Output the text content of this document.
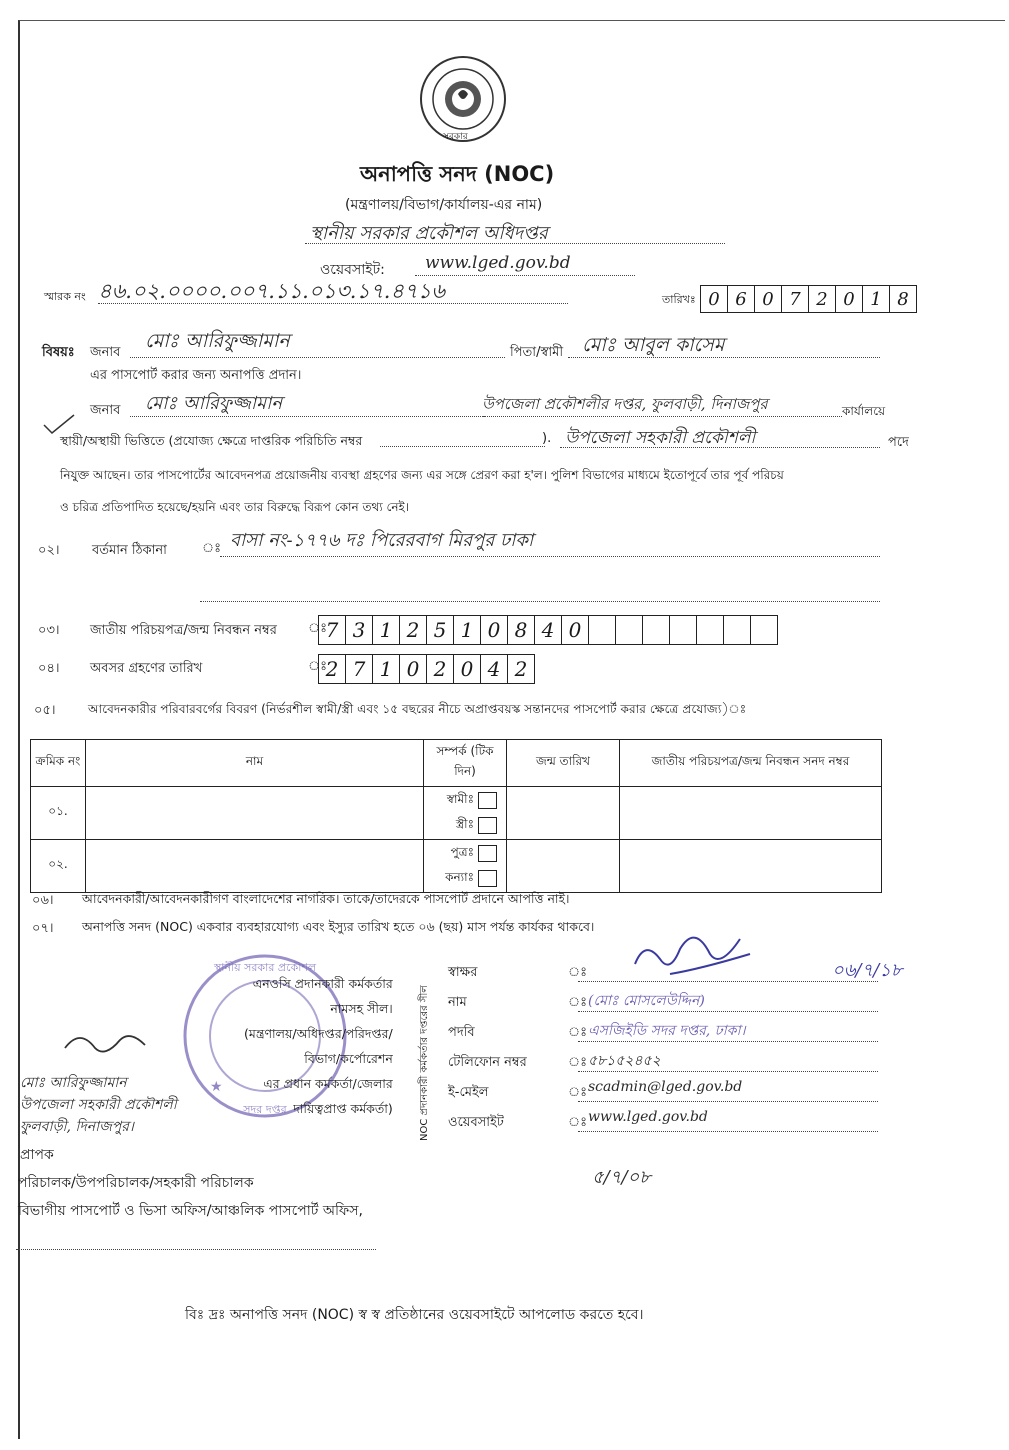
সরকার
অনাপত্তি সনদ (NOC)
(মন্ত্রণালয়/বিভাগ/কার্যালয়-এর নাম)
স্থানীয় সরকার প্রকৌশল অধিদপ্তর
ওয়েবসাইট: www.lged.gov.bd
স্মারক নং ৪৬.০২.০০০০.০০৭.১১.০১৩.১৭.৪৭১৬	তারিখঃ 0 6 0 7 2 0 1 8
বিষয়ঃ জনাব
মোঃ আরিফুজ্জামান
পিতা/স্বামী মোঃ আবুল কাসেম
এর পাসপোর্ট করার জন্য অনাপত্তি প্রদান।
জনাব মোঃ আরিফুজ্জামান	উপজেলা প্রকৌশলীর দপ্তর, ফুলবাড়ী, দিনাজপুর	কার্যালয়ে
স্থায়ী/অস্থায়ী ভিত্তিতে (প্রযোজ্য ক্ষেত্রে দাপ্তরিক পরিচিতি নম্বর	). উপজেলা সহকারী প্রকৌশলী	পদে
নিযুক্ত আছেন। তার পাসপোর্টের আবেদনপত্র প্রয়োজনীয় ব্যবস্থা গ্রহণের জন্য এর সঙ্গে প্রেরণ করা হ'ল। পুলিশ বিভাগের মাধ্যমে ইতোপূর্বে তার পূর্ব পরিচয়
ও চরিত্র প্রতিপাদিত হয়েছে/হয়নি এবং তার বিরুদ্ধে বিরূপ কোন তথ্য নেই।
০২। বর্তমান ঠিকানা	ঃ বাসা নং-১৭৭৬ দঃ পিরেরবাগ মিরপুর ঢাকা
০৩। জাতীয় পরিচয়পত্র/জন্ম নিবন্ধন নম্বর ঃ
7 3 1 2 5 1 0 8 4 0
০৪। অবসর গ্রহণের তারিখ	ঃ
2 7 1 0 2 0 4 2
০৫।	আবেদনকারীর পরিবারবর্গের বিবরণ (নির্ভরশীল স্বামী/স্ত্রী এবং ১৫ বছরের নীচে অপ্রাপ্তবয়স্ক সন্তানদের পাসপোর্ট করার ক্ষেত্রে প্রযোজ্য)ঃ
ক্রমিক নং	নাম	সম্পর্ক (টিক দিন)	জন্ম তারিখ	জাতীয় পরিচয়পত্র/জন্ম নিবন্ধন সনদ নম্বর
০১.		স্বামীঃ
স্ত্রীঃ		

০২.		পুত্রঃ
কন্যাঃ		

০৬। আবেদনকারী/আবেদনকারীগণ বাংলাদেশের নাগরিক। তাকে/তাদেরকে পাসপোর্ট প্রদানে আপত্তি নাই।
০৭। অনাপত্তি সনদ (NOC) একবার ব্যবহারযোগ্য এবং ইস্যুর তারিখ হতে ০৬ (ছয়) মাস পর্যন্ত কার্যকর থাকবে।
স্থানীয় সরকার প্রকৌশল
সদর দপ্তর
★
এনওসি প্রদানকারী কর্মকর্তার
নামসহ সীল।
(মন্ত্রণালয়/অধিদপ্তর/পরিদপ্তর/
বিভাগ/কর্পোরেশন
এর প্রধান কর্মকর্তা/জেলার
দায়িত্বপ্রাপ্ত কর্মকর্তা)	NOC প্রদানকারী কর্মকর্তার দপ্তরের সীল
স্বাক্ষর	ঃ
নাম	ঃ (মোঃ মোসলেউদ্দিন)
পদবি	ঃ এসজিইডি সদর দপ্তর, ঢাকা।
টেলিফোন নম্বর	ঃ ৫৮১৫২৪৫২
ই-মেইল	ঃ scadmin@lged.gov.bd
ওয়েবসাইট	ঃ www.lged.gov.bd
০৬/৭/১৮
মোঃ আরিফুজ্জামান
উপজেলা সহকারী প্রকৌশলী
ফুলবাড়ী, দিনাজপুর।
৫/৭/০৮
প্রাপক
পরিচালক/উপপরিচালক/সহকারী পরিচালক
বিভাগীয় পাসপোর্ট ও ভিসা অফিস/আঞ্চলিক পাসপোর্ট অফিস,
বিঃ দ্রঃ অনাপত্তি সনদ (NOC) স্ব স্ব প্রতিষ্ঠানের ওয়েবসাইটে আপলোড করতে হবে।
